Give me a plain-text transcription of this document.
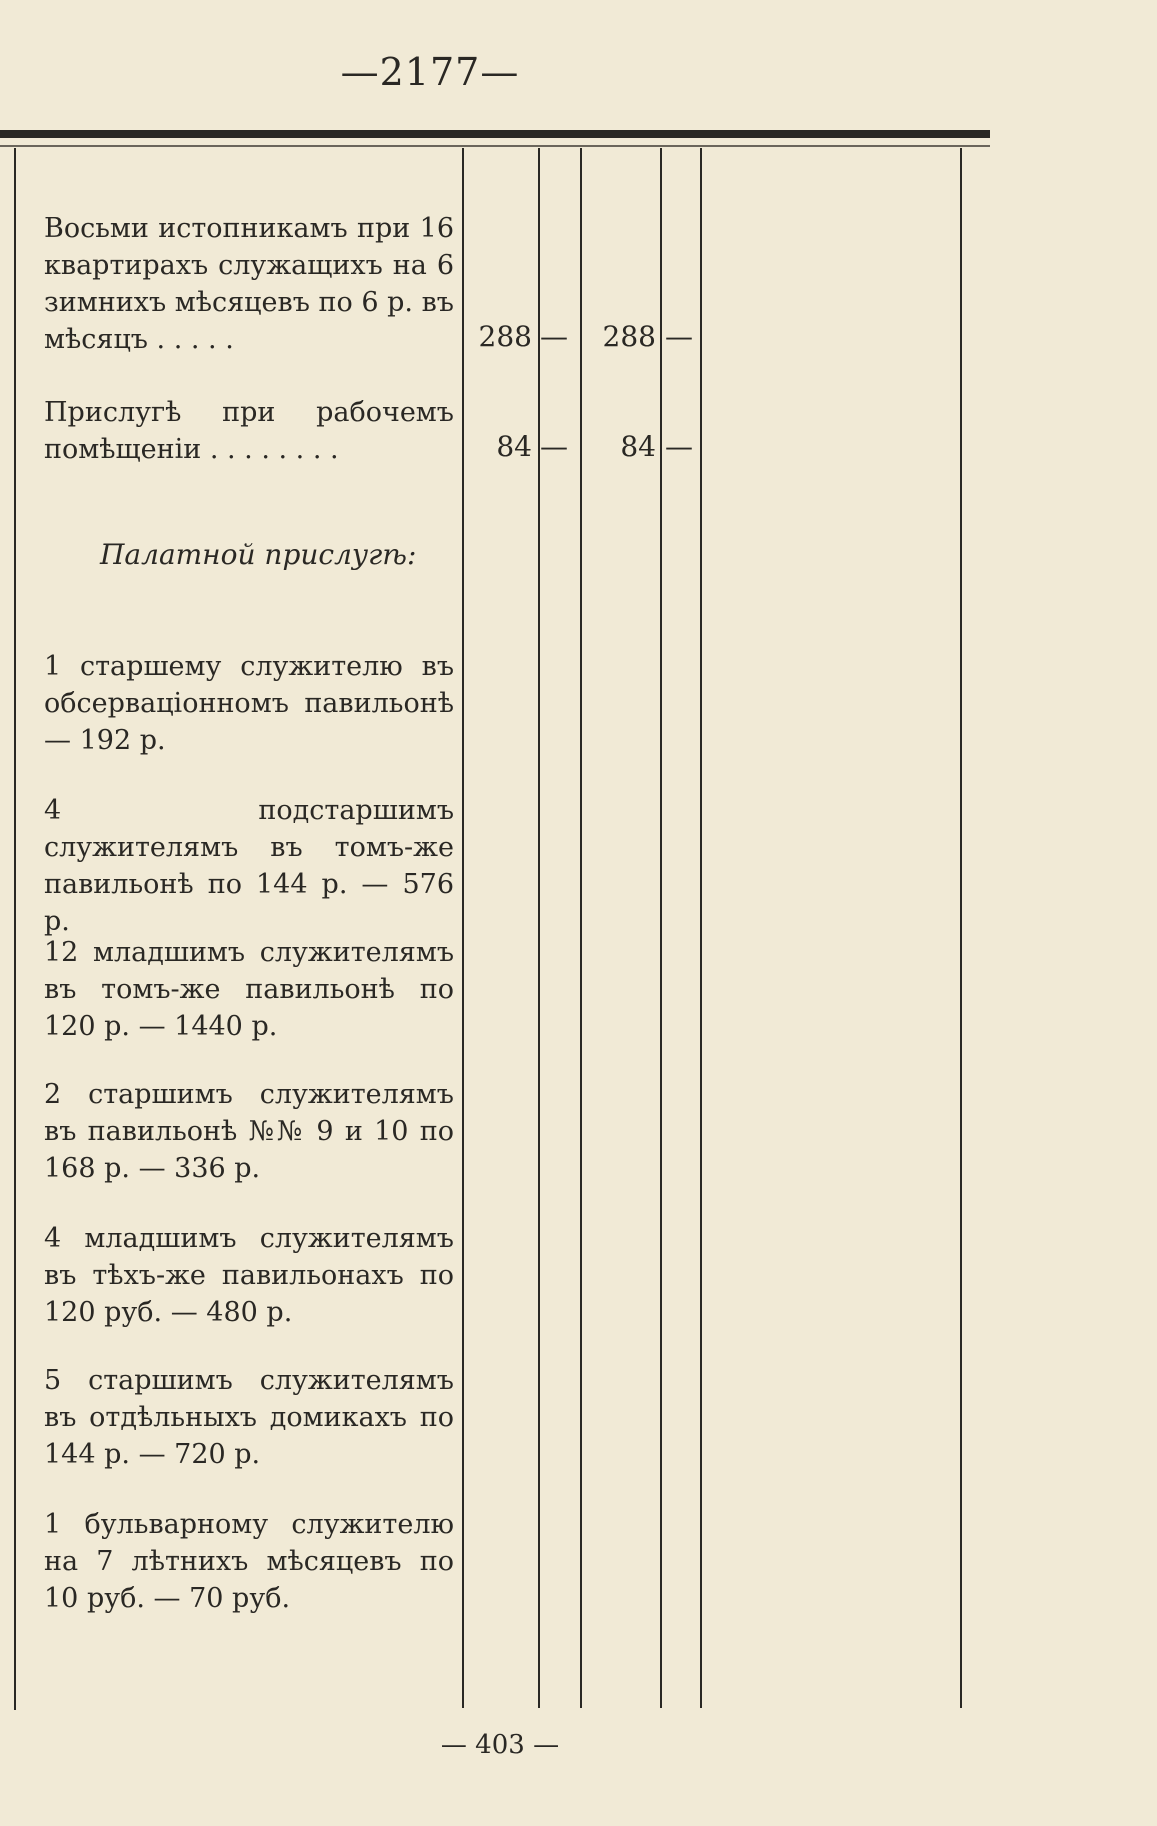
—2177—

Восьми истопникамъ при 16 квартирахъ служащихъ на 6 зимнихъ мѣсяцевъ по 6 р. въ мѣсяцъ . . . . .	288 —	288 —

Прислугѣ при рабочемъ помѣщеніи . . . . . . . .	84 —	84 —
Палатной прислугѣ:

1 старшему служителю въ обсерваціонномъ павильонѣ — 192 р.

4 подстаршимъ служителямъ въ томъ-же павильонѣ по 144 р. — 576 р.

12 младшимъ служителямъ въ томъ-же павильонѣ по 120 р. — 1440 р.

2 старшимъ служителямъ въ павильонѣ №№ 9 и 10 по 168 р. — 336 р.

4 младшимъ служителямъ въ тѣхъ-же павильонахъ по 120 руб. — 480 р.

5 старшимъ служителямъ въ отдѣльныхъ домикахъ по 144 р. — 720 р.

1 бульварному служителю на 7 лѣтнихъ мѣсяцевъ по 10 руб. — 70 руб.

— 403 —
